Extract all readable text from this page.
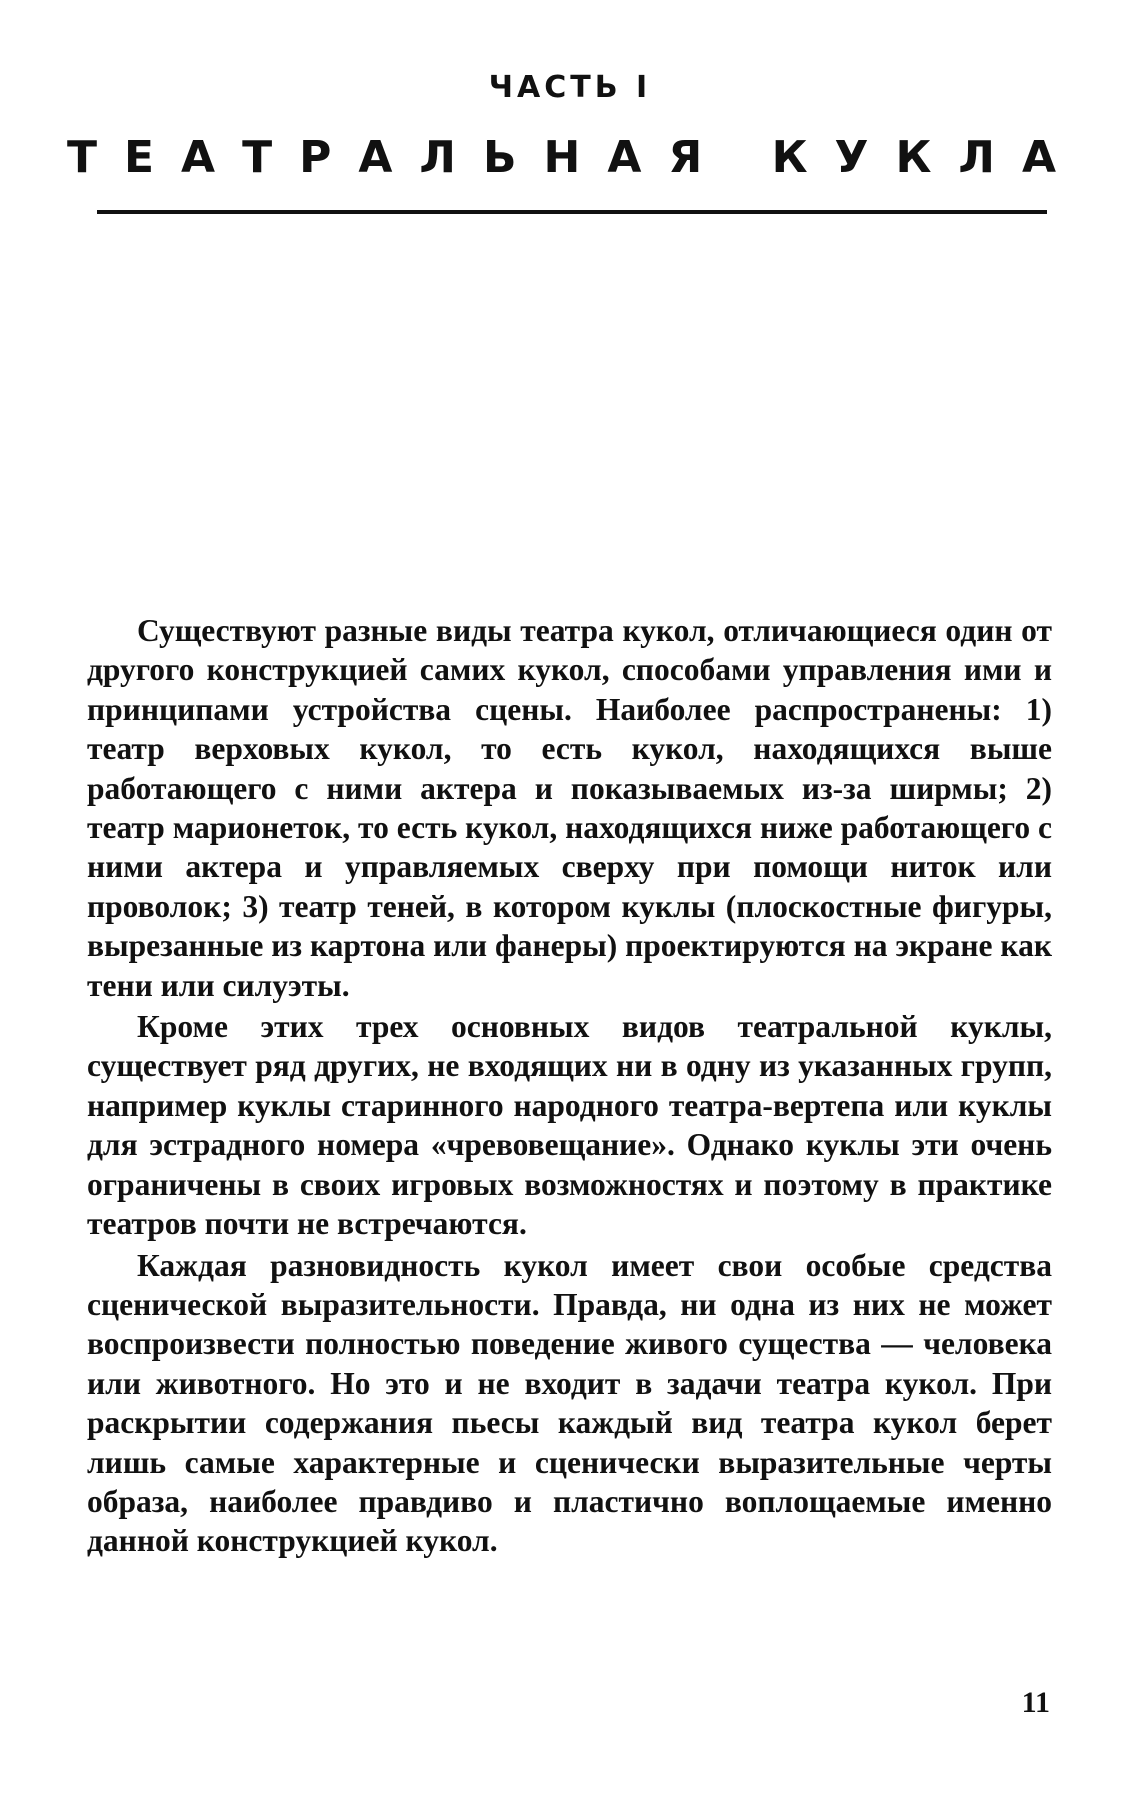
ЧАСТЬ I
ТЕАТРАЛЬНАЯ КУКЛА

Существуют разные виды театра кукол, отличающиеся один от другого конструкцией самих кукол, способами управления ими и принципами устройства сцены. Наиболее распространены: 1) театр верховых кукол, то есть кукол, находящихся выше работающего с ними актера и показываемых из-за ширмы; 2) театр марионеток, то есть кукол, находящихся ниже работающего с ними актера и управляемых сверху при помощи ниток или проволок; 3) театр теней, в котором куклы (плоскостные фигуры, вырезанные из картона или фанеры) проектируются на экране как тени или силуэты.

Кроме этих трех основных видов театральной куклы, существует ряд других, не входящих ни в одну из указанных групп, например куклы старинного народного театра-вертепа или куклы для эстрадного номера «чревовещание». Однако куклы эти очень ограничены в своих игровых возможностях и поэтому в практике театров почти не встречаются.

Каждая разновидность кукол имеет свои особые средства сценической выразительности. Правда, ни одна из них не может воспроизвести полностью поведение живого существа — человека или животного. Но это и не входит в задачи театра кукол. При раскрытии содержания пьесы каждый вид театра кукол берет лишь самые характерные и сценически выразительные черты образа, наиболее правдиво и пластично воплощаемые именно данной конструкцией кукол.

11
